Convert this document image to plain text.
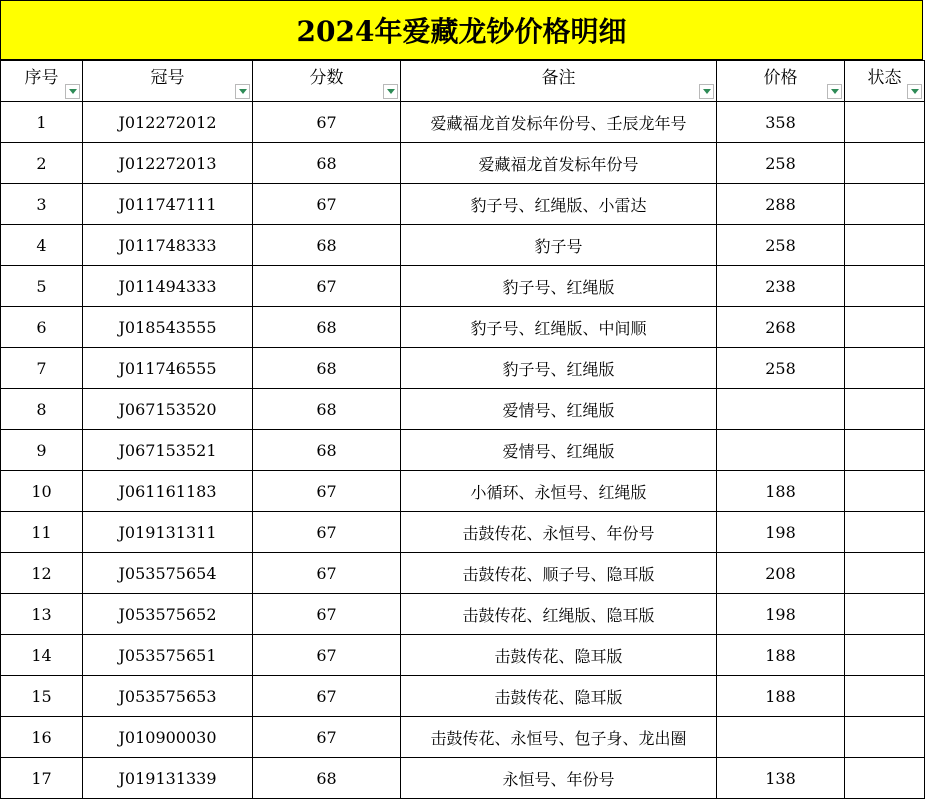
2024年爱藏龙钞价格明细
序号	冠号	分数	备注	价格	状态

1	J012272012	67	爱藏福龙首发标年份号、壬辰龙年号	358	
2	J012272013	68	爱藏福龙首发标年份号	258	
3	J011747111	67	豹子号、红绳版、小雷达	288	
4	J011748333	68	豹子号	258	
5	J011494333	67	豹子号、红绳版	238	
6	J018543555	68	豹子号、红绳版、中间顺	268	
7	J011746555	68	豹子号、红绳版	258	
8	J067153520	68	爱情号、红绳版		
9	J067153521	68	爱情号、红绳版		
10	J061161183	67	小循环、永恒号、红绳版	188	
11	J019131311	67	击鼓传花、永恒号、年份号	198	
12	J053575654	67	击鼓传花、顺子号、隐耳版	208	
13	J053575652	67	击鼓传花、红绳版、隐耳版	198	
14	J053575651	67	击鼓传花、隐耳版	188	
15	J053575653	67	击鼓传花、隐耳版	188	
16	J010900030	67	击鼓传花、永恒号、包子身、龙出圈		
17	J019131339	68	永恒号、年份号	138	
